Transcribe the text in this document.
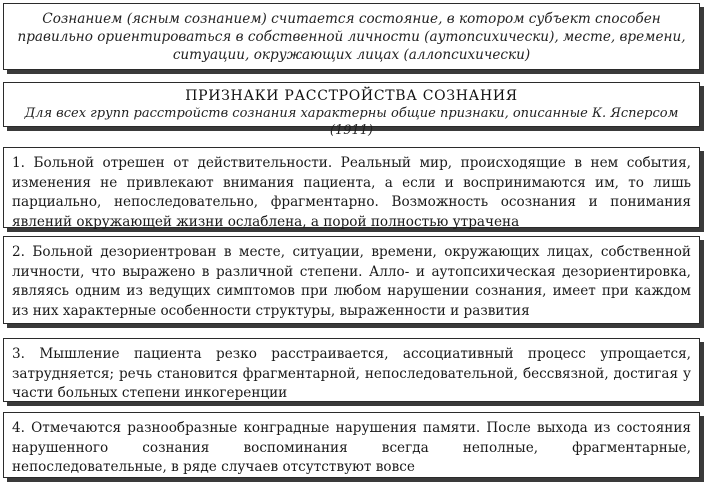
Сознанием (ясным сознанием) считается состояние, в котором субъект способен правильно ориентироваться в собственной личности (аутопсихически), месте, времени, ситуации, окружающих лицах (аллопсихически)
ПРИЗНАКИ РАССТРОЙСТВА СОЗНАНИЯ
Для всех групп расстройств сознания характерны общие признаки, описанные К. Ясперсом (1911)
1. Больной отрешен от действительности. Реальный мир, происходящие в нем события, изменения не привлекают внимания пациента, а если и воспринимаются им, то лишь парциально, непоследовательно, фрагментарно. Возможность осознания и понимания явлений окружающей жизни ослаблена, а порой полностью утрачена
2. Больной дезориентрован в месте, ситуации, времени, окружающих лицах, собственной личности, что выражено в различной степени. Алло- и аутопсихическая дезориентировка, являясь одним из ведущих симптомов при любом нарушении сознания, имеет при каждом из них характерные особенности структуры, выраженности и развития
3. Мышление пациента резко расстраивается, ассоциативный процесс упрощается, затрудняется; речь становится фрагментарной, непоследовательной, бессвязной, достигая у части больных степени инкогеренции
4. Отмечаются разнообразные конградные нарушения памяти. После выхода из состояния нарушенного сознания воспоминания всегда неполные, фрагментарные, непоследовательные, в ряде случаев отсутствуют вовсе
